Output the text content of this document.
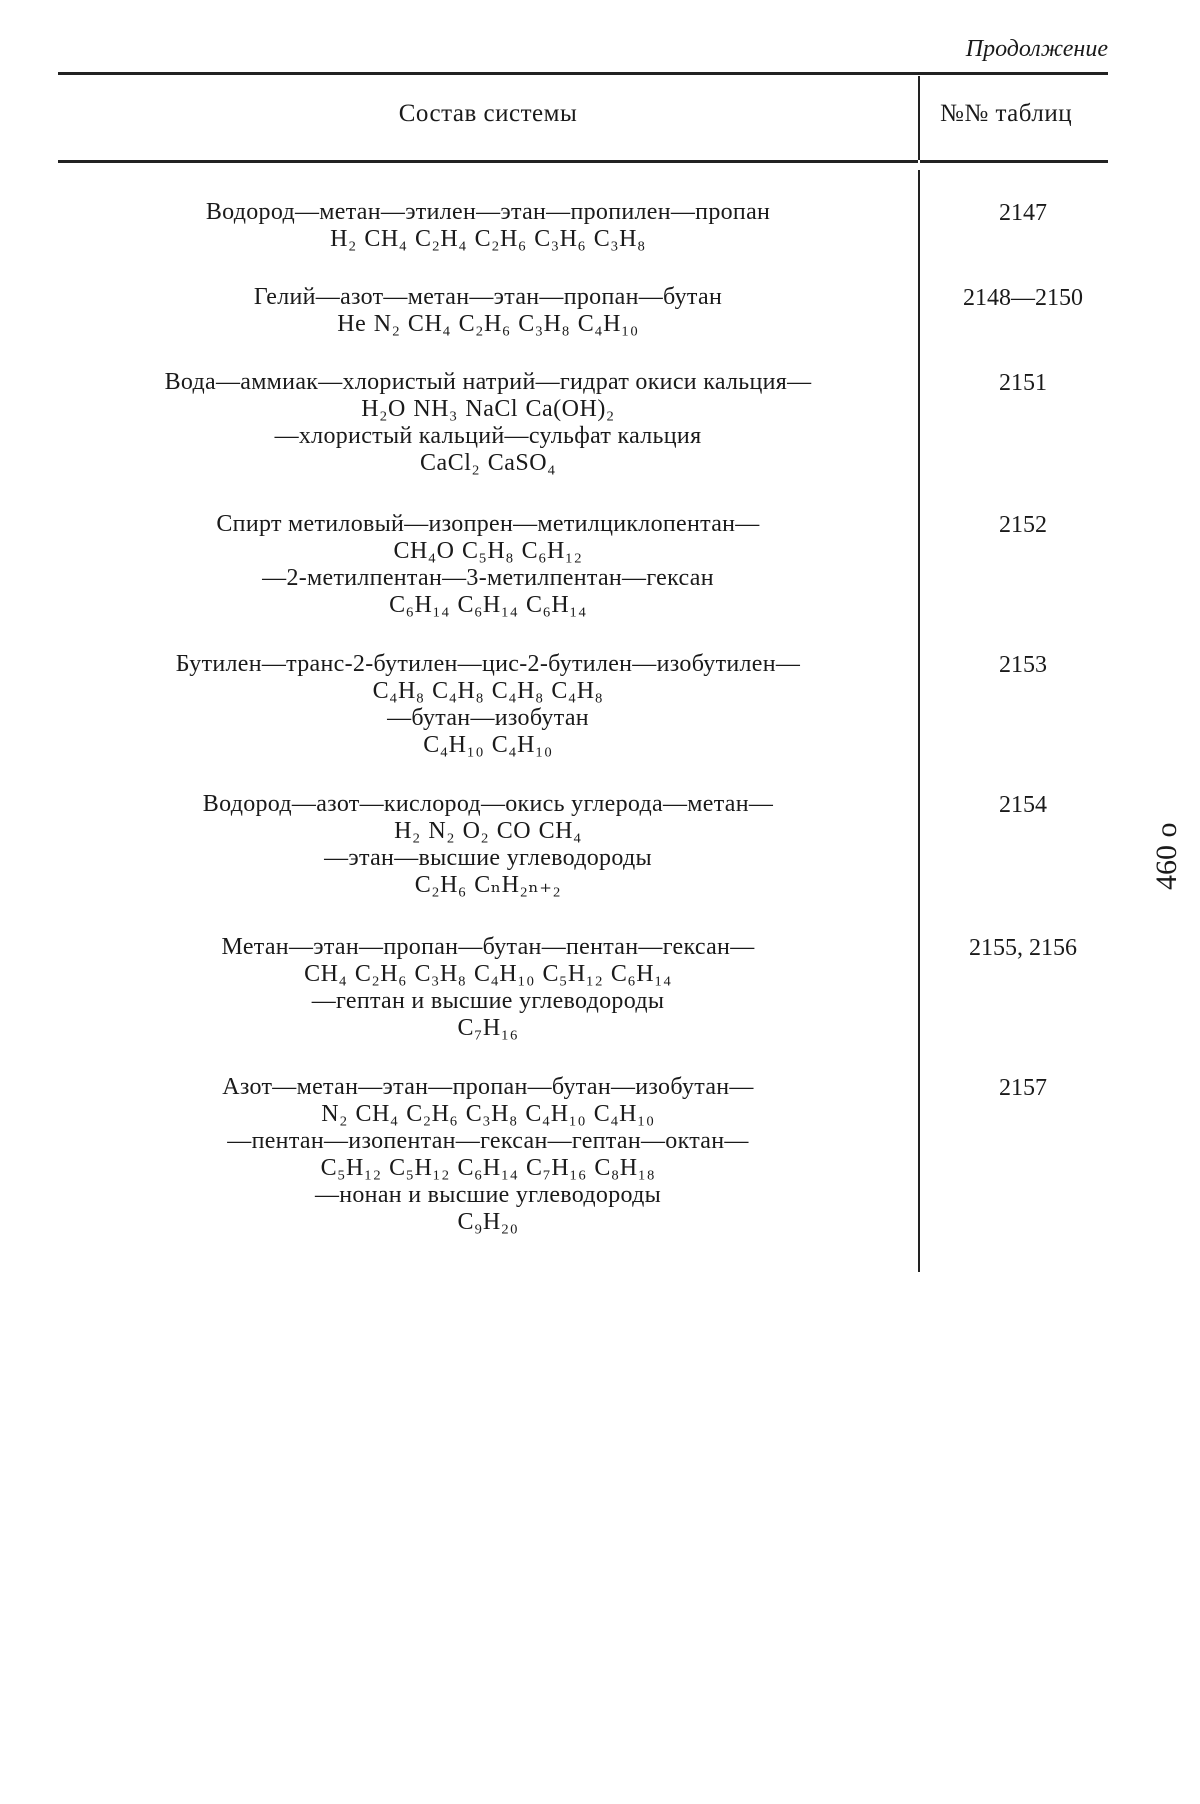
Продолжение
Состав системы	№№ таблиц
Водород—метан—этилен—этан—пропилен—пропан
H₂ CH₄ C₂H₄ C₂H₆ C₃H₆ C₃H₈
2147
Гелий—азот—метан—этан—пропан—бутан
He N₂ CH₄ C₂H₆ C₃H₈ C₄H₁₀
2148—2150
Вода—аммиак—хлористый натрий—гидрат окиси кальция—
H₂O NH₃ NaCl Ca(OH)₂
—хлористый кальций—сульфат кальция
CaCl₂ CaSO₄
2151
Спирт метиловый—изопрен—метилциклопентан—
CH₄O C₅H₈ C₆H₁₂
—2-метилпентан—3-метилпентан—гексан
C₆H₁₄ C₆H₁₄ C₆H₁₄
2152
Бутилен—транс-2-бутилен—цис-2-бутилен—изобутилен—
C₄H₈ C₄H₈ C₄H₈ C₄H₈
—бутан—изобутан
C₄H₁₀ C₄H₁₀
2153
Водород—азот—кислород—окись углерода—метан—
H₂ N₂ O₂ CO CH₄
—этан—высшие углеводороды
C₂H₆ CₙH₂ₙ₊₂
2154
Метан—этан—пропан—бутан—пентан—гексан—
CH₄ C₂H₆ C₃H₈ C₄H₁₀ C₅H₁₂ C₆H₁₄
—гептан и высшие углеводороды
C₇H₁₆
2155, 2156
Азот—метан—этан—пропан—бутан—изобутан—
N₂ CH₄ C₂H₆ C₃H₈ C₄H₁₀ C₄H₁₀
—пентан—изопентан—гексан—гептан—октан—
C₅H₁₂ C₅H₁₂ C₆H₁₄ C₇H₁₆ C₈H₁₈
—нонан и высшие углеводороды
C₉H₂₀
2157
460 о
